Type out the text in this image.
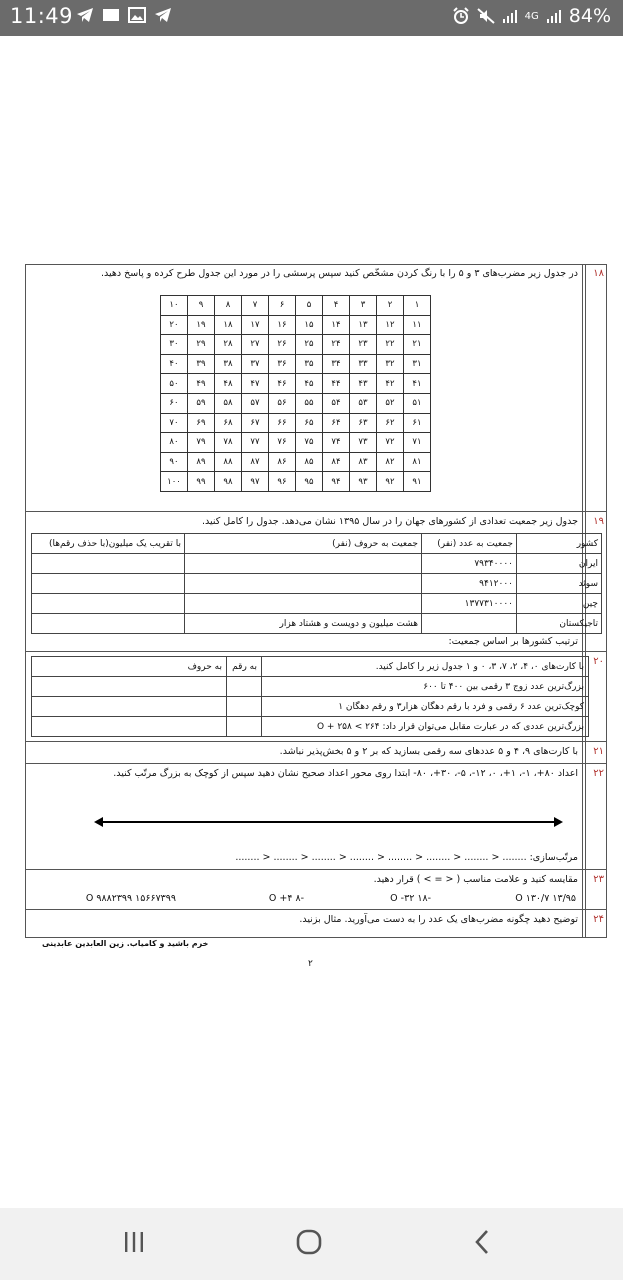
11:49	4G 84%
۱۸
در جدول زیر مضرب‌های ۳ و ۵ را با رنگ کردن مشخّص کنید سپس پرسشی را در مورد این جدول طرح کرده و پاسخ دهید.
۱	۲	۳	۴	۵	۶	۷	۸	۹	۱۰
۱۱	۱۲	۱۳	۱۴	۱۵	۱۶	۱۷	۱۸	۱۹	۲۰
۲۱	۲۲	۲۳	۲۴	۲۵	۲۶	۲۷	۲۸	۲۹	۳۰
۳۱	۳۲	۳۳	۳۴	۳۵	۳۶	۳۷	۳۸	۳۹	۴۰
۴۱	۴۲	۴۳	۴۴	۴۵	۴۶	۴۷	۴۸	۴۹	۵۰
۵۱	۵۲	۵۳	۵۴	۵۵	۵۶	۵۷	۵۸	۵۹	۶۰
۶۱	۶۲	۶۳	۶۴	۶۵	۶۶	۶۷	۶۸	۶۹	۷۰
۷۱	۷۲	۷۳	۷۴	۷۵	۷۶	۷۷	۷۸	۷۹	۸۰
۸۱	۸۲	۸۳	۸۴	۸۵	۸۶	۸۷	۸۸	۸۹	۹۰
۹۱	۹۲	۹۳	۹۴	۹۵	۹۶	۹۷	۹۸	۹۹	۱۰۰
۱۹
جدول زیر جمعیت تعدادی از کشورهای جهان را در سال ۱۳۹۵ نشان می‌دهد. جدول را کامل کنید.
کشور	جمعیت به عدد (نفر)	جمعیت به حروف (نفر)	با تقریب یک میلیون(با حذف رقم‌ها)
ایران	۷۹۳۴۰۰۰۰		
سوئد	۹۴۱۲۰۰۰		
چین	۱۳۷۷۳۱۰۰۰۰		
تاجیکستان		هشت میلیون و دویست و هشتاد هزار	
ترتیب کشورها بر اساس جمعیت:
۲۰
با کارت‌های ۰، ۴، ۲، ۷، ۳، ۰ و ۱ جدول زیر را کامل کنید.	به رقم	به حروف
بزرگ‌ترین عدد زوج ۳ رقمی بین ۴۰۰ تا ۶۰۰		
کوچک‌ترین عدد ۶ رقمی و فرد با رقم دهگان هزار۳ و رقم دهگان ۱		
بزرگ‌ترین عددی که در عبارت مقابل می‌توان قرار داد: ۲۶۴ > O + ۲۵۸		
۲۱
با کارت‌های ۹، ۴ و ۵ عددهای سه رقمی بسازید که بر ۲ و ۵ بخش‌پذیر نباشد.
۲۲
اعداد ۸۰+، ۱-، ۱+، ۰، ۱۲-، ۵-، ۳۰+، ۸۰- ابتدا روی محور اعداد صحیح نشان دهید سپس از کوچک به بزرگ مرتّب کنید.
مرتّب‌سازی: ........ < ........ < ........ < ........ < ........ < ........ < ........ < ........
۲۳
مقایسه کنید و علامت مناسب ( < = > ) قرار دهید.
۱۳/۹۵ O ۱۳۰/۷
-۱۸ O -۳۲
-۸ O +۴
۱۵۶۶۷۳۹۹ O ۹۸۸۲۳۹۹
۲۴
توضیح دهید چگونه مضرب‌های یک عدد را به دست می‌آورید. مثال بزنید.
خرم باشید و کامیاب. زین العابدین عابدینی
۲
